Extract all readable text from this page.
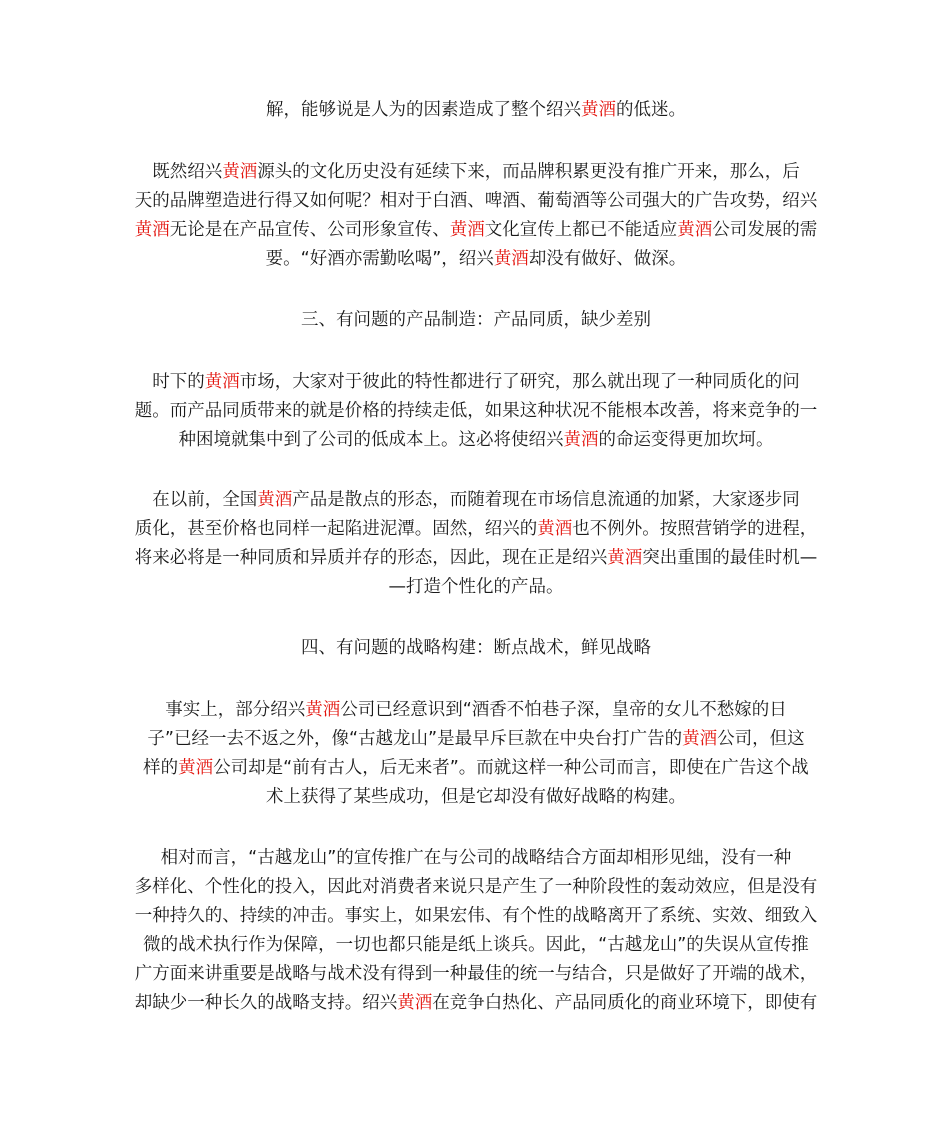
解，能够说是人为的因素造成了整个绍兴黄酒的低迷。
既然绍兴黄酒源头的文化历史没有延续下来，而品牌积累更没有推广开来，那么，后
天的品牌塑造进行得又如何呢？相对于白酒、啤酒、葡萄酒等公司强大的广告攻势，绍兴
黄酒无论是在产品宣传、公司形象宣传、黄酒文化宣传上都已不能适应黄酒公司发展的需
要。“好酒亦需勤吆喝”，绍兴黄酒却没有做好、做深。
三、有问题的产品制造：产品同质，缺少差别
时下的黄酒市场，大家对于彼此的特性都进行了研究，那么就出现了一种同质化的问
题。而产品同质带来的就是价格的持续走低，如果这种状况不能根本改善，将来竞争的一
种困境就集中到了公司的低成本上。这必将使绍兴黄酒的命运变得更加坎坷。
在以前，全国黄酒产品是散点的形态，而随着现在市场信息流通的加紧，大家逐步同
质化，甚至价格也同样一起陷进泥潭。固然，绍兴的黄酒也不例外。按照营销学的进程，
将来必将是一种同质和异质并存的形态，因此，现在正是绍兴黄酒突出重围的最佳时机—
—打造个性化的产品。
四、有问题的战略构建：断点战术，鲜见战略
事实上，部分绍兴黄酒公司已经意识到“酒香不怕巷子深，皇帝的女儿不愁嫁的日
子”已经一去不返之外，像“古越龙山”是最早斥巨款在中央台打广告的黄酒公司，但这
样的黄酒公司却是“前有古人，后无来者”。而就这样一种公司而言，即使在广告这个战
术上获得了某些成功，但是它却没有做好战略的构建。
相对而言，“古越龙山”的宣传推广在与公司的战略结合方面却相形见绌，没有一种
多样化、个性化的投入，因此对消费者来说只是产生了一种阶段性的轰动效应，但是没有
一种持久的、持续的冲击。事实上，如果宏伟、有个性的战略离开了系统、实效、细致入
微的战术执行作为保障，一切也都只能是纸上谈兵。因此，“古越龙山”的失误从宣传推
广方面来讲重要是战略与战术没有得到一种最佳的统一与结合，只是做好了开端的战术，
却缺少一种长久的战略支持。绍兴黄酒在竞争白热化、产品同质化的商业环境下，即使有
